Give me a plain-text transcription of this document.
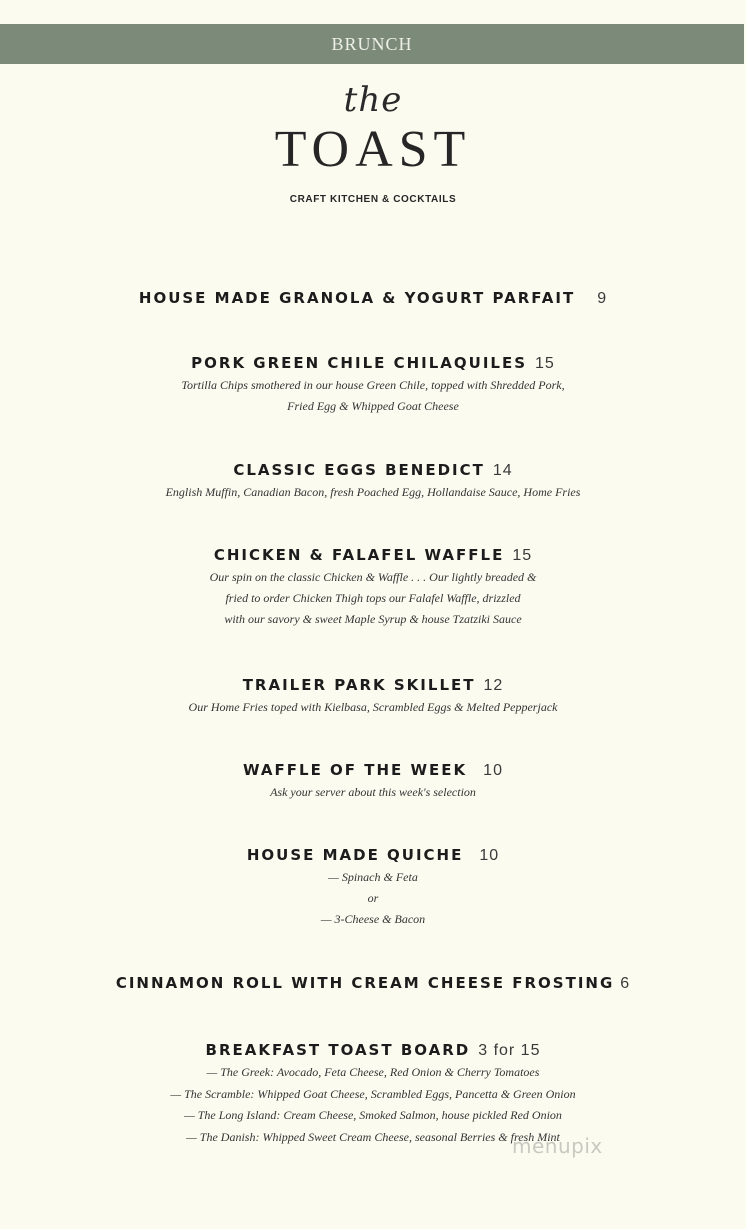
BRUNCH
the
TOAST
CRAFT KITCHEN & COCKTAILS
HOUSE MADE GRANOLA & YOGURT PARFAIT 9
PORK GREEN CHILE CHILAQUILES 15
Tortilla Chips smothered in our house Green Chile, topped with Shredded Pork,
Fried Egg & Whipped Goat Cheese
CLASSIC EGGS BENEDICT 14
English Muffin, Canadian Bacon, fresh Poached Egg, Hollandaise Sauce, Home Fries
CHICKEN & FALAFEL WAFFLE 15
Our spin on the classic Chicken & Waffle . . . Our lightly breaded &
fried to order Chicken Thigh tops our Falafel Waffle, drizzled
with our savory & sweet Maple Syrup & house Tzatziki Sauce
TRAILER PARK SKILLET 12
Our Home Fries toped with Kielbasa, Scrambled Eggs & Melted Pepperjack
WAFFLE OF THE WEEK 10
Ask your server about this week's selection
HOUSE MADE QUICHE 10
— Spinach & Feta
or
— 3-Cheese & Bacon
CINNAMON ROLL WITH CREAM CHEESE FROSTING 6
BREAKFAST TOAST BOARD 3 for 15
— The Greek: Avocado, Feta Cheese, Red Onion & Cherry Tomatoes
— The Scramble: Whipped Goat Cheese, Scrambled Eggs, Pancetta & Green Onion
— The Long Island: Cream Cheese, Smoked Salmon, house pickled Red Onion
— The Danish: Whipped Sweet Cream Cheese, seasonal Berries & fresh Mint
menupix
